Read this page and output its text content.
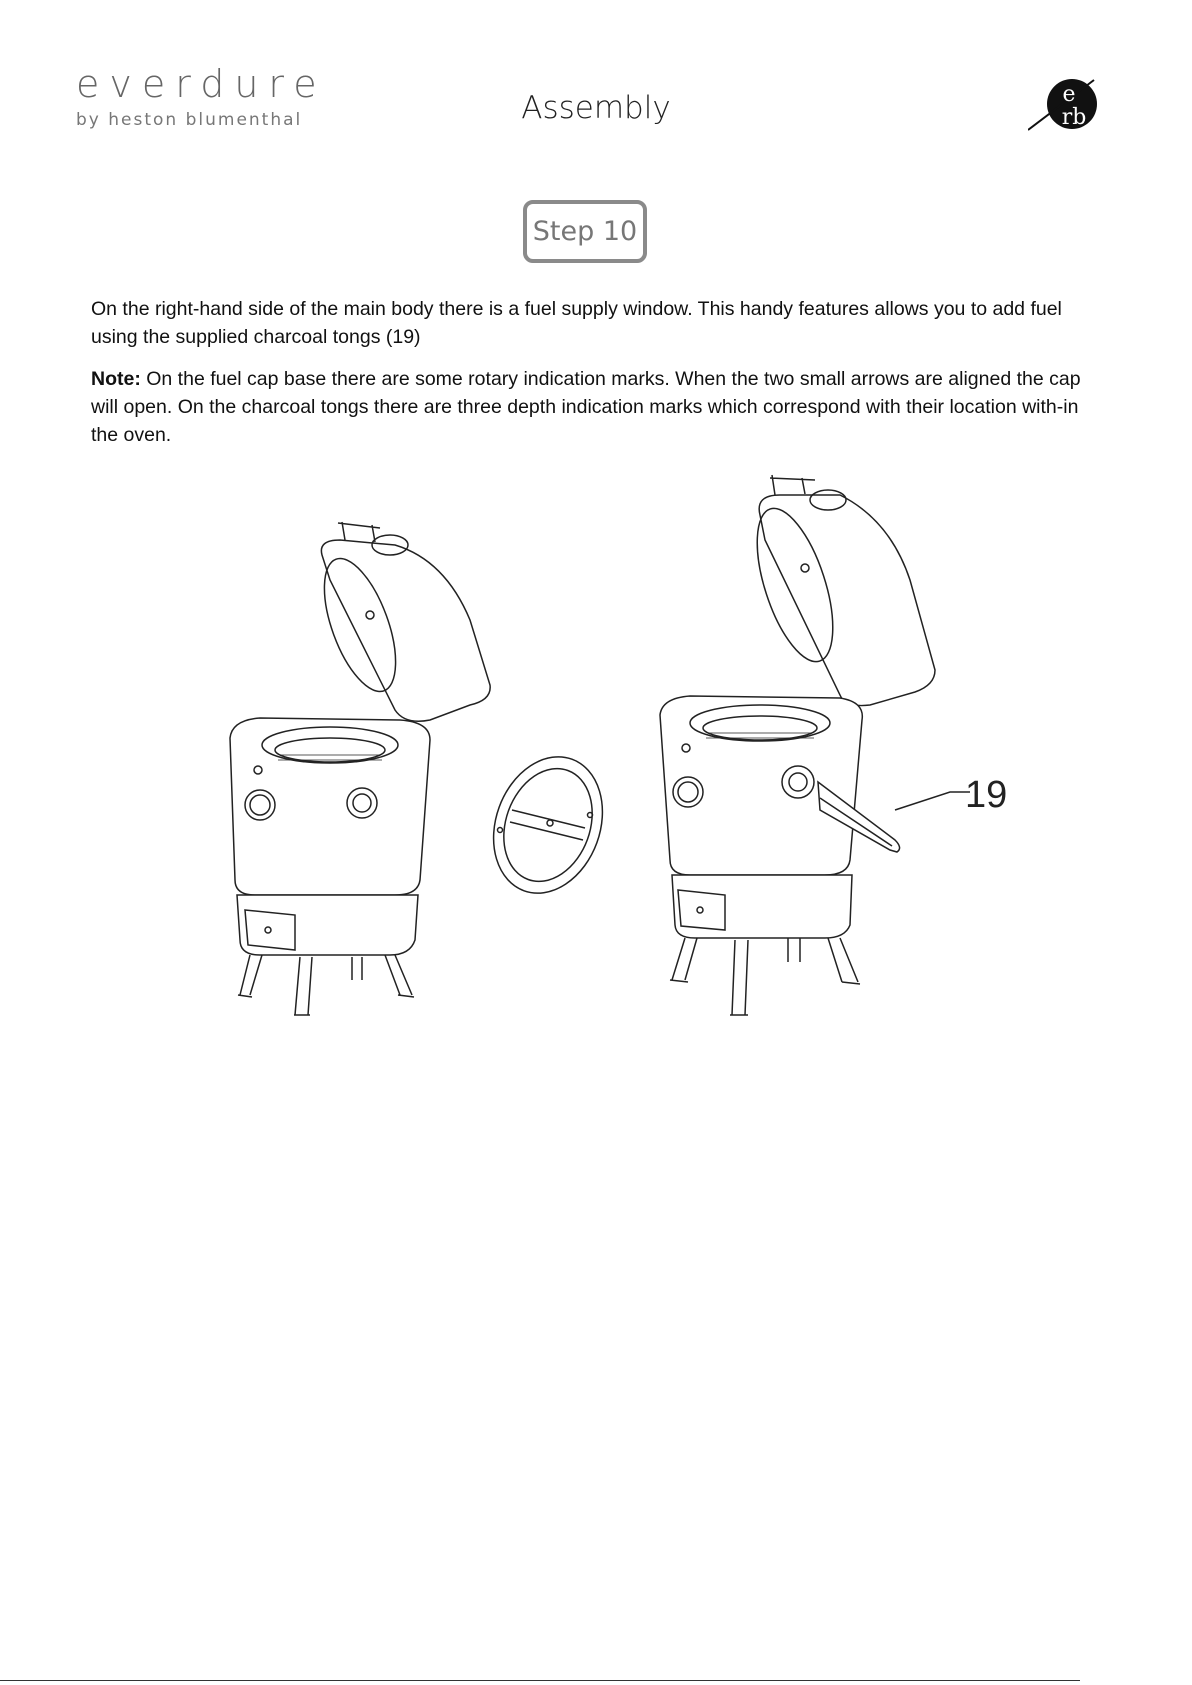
everdure
by heston blumenthal	Assembly	e
rb
Step 10
On the right-hand side of the main body there is a fuel supply window. This handy features allows you to add fuel using the supplied charcoal tongs (19)
Note: On the fuel cap base there are some rotary indication marks. When the two small arrows are aligned the cap will open. On the charcoal tongs there are three depth indication marks which correspond with their location with-in the oven.
19
